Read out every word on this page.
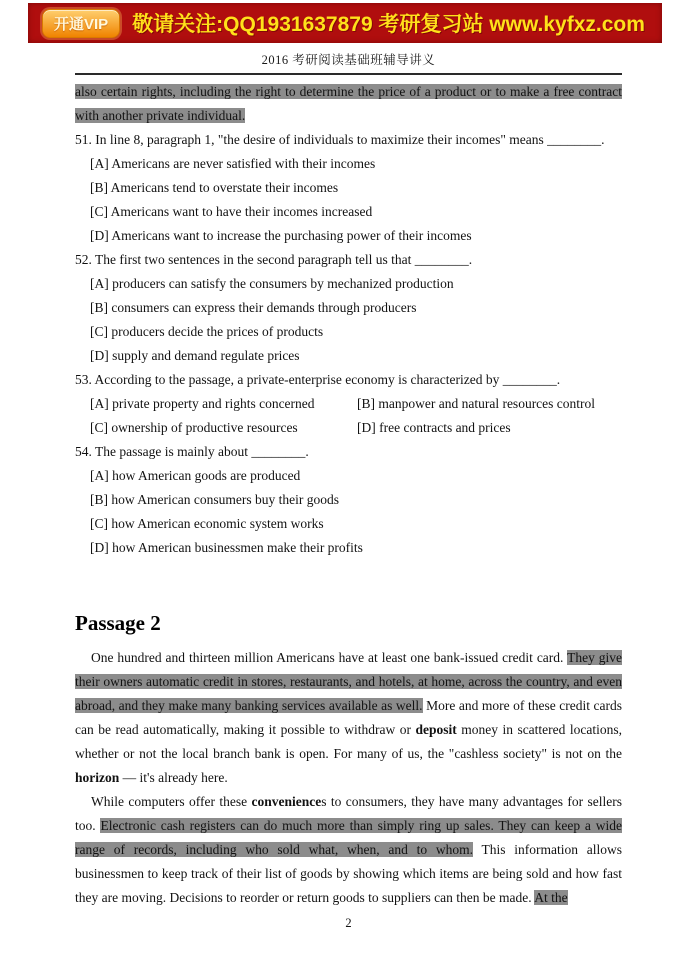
开通VIP	敬请关注:QQ1931637879 考研复习站 www.kyfxz.com
2016 考研阅读基础班辅导讲义

also certain rights, including the right to determine the price of a product or to make a free contract with another private individual.

51. In line 8, paragraph 1, "the desire of individuals to maximize their incomes" means ________.
[A] Americans are never satisfied with their incomes
[B] Americans tend to overstate their incomes
[C] Americans want to have their incomes increased
[D] Americans want to increase the purchasing power of their incomes
52. The first two sentences in the second paragraph tell us that ________.
[A] producers can satisfy the consumers by mechanized production
[B] consumers can express their demands through producers
[C] producers decide the prices of products
[D] supply and demand regulate prices
53. According to the passage, a private-enterprise economy is characterized by ________.
[A] private property and rights concerned	[B] manpower and natural resources control
[C] ownership of productive resources	[D] free contracts and prices
54. The passage is mainly about ________.
[A] how American goods are produced
[B] how American consumers buy their goods
[C] how American economic system works
[D] how American businessmen make their profits
Passage 2

One hundred and thirteen million Americans have at least one bank-issued credit card. They give their owners automatic credit in stores, restaurants, and hotels, at home, across the country, and even abroad, and they make many banking services available as well. More and more of these credit cards can be read automatically, making it possible to withdraw or deposit money in scattered locations, whether or not the local branch bank is open. For many of us, the "cashless society" is not on the horizon — it's already here.

While computers offer these conveniences to consumers, they have many advantages for sellers too. Electronic cash registers can do much more than simply ring up sales. They can keep a wide range of records, including who sold what, when, and to whom. This information allows businessmen to keep track of their list of goods by showing which items are being sold and how fast they are moving. Decisions to reorder or return goods to suppliers can then be made. At the

2
